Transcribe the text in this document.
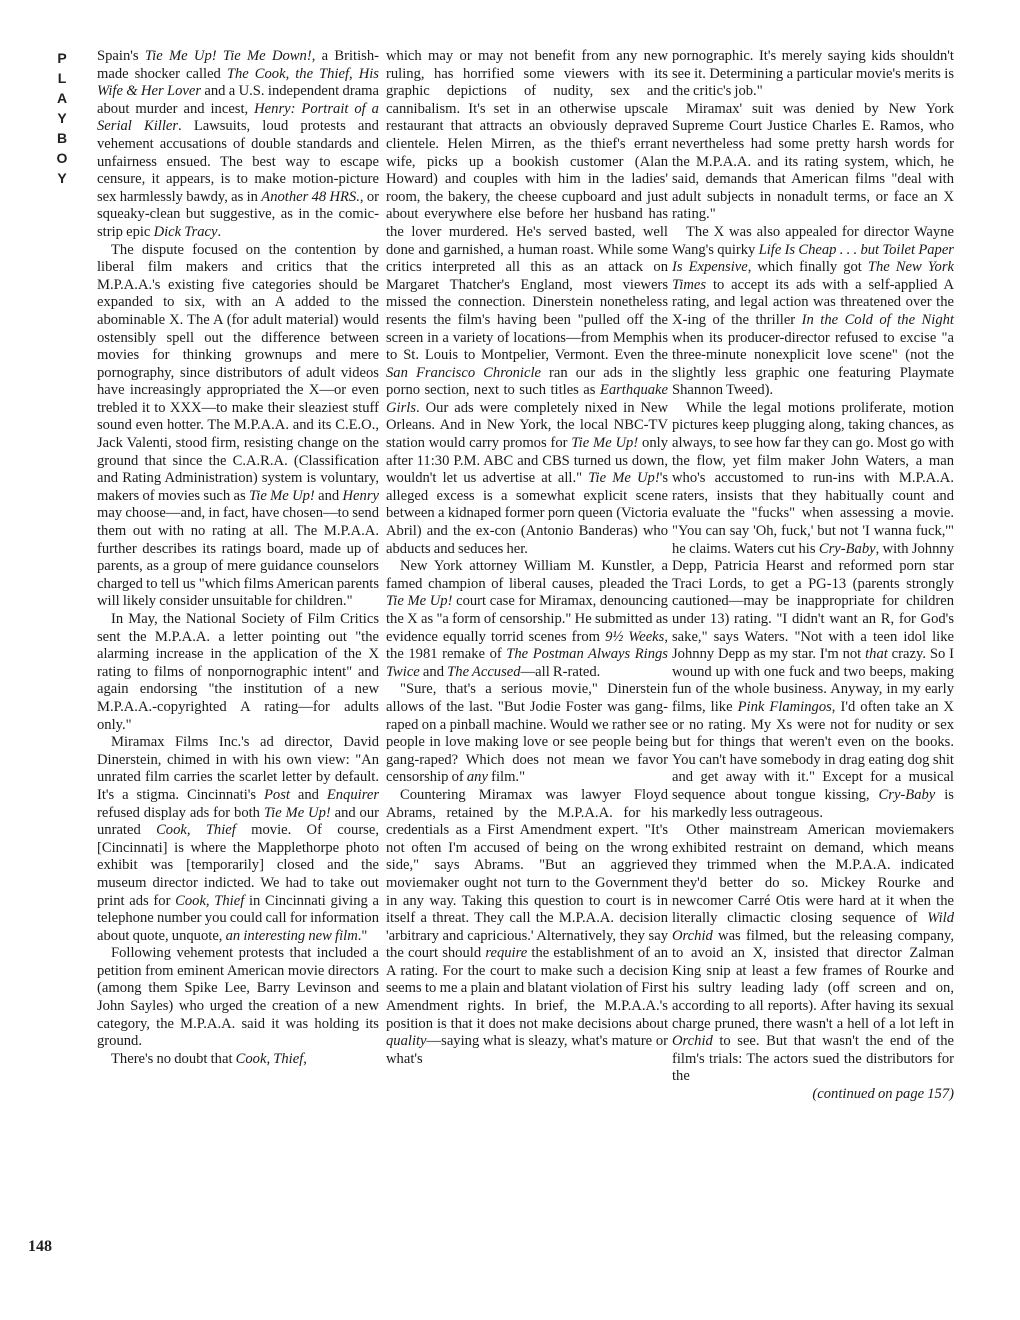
P
L
A
Y
B
O
Y
148

Spain's Tie Me Up! Tie Me Down!, a British-made shocker called The Cook, the Thief, His Wife & Her Lover and a U.S. independent drama about murder and incest, Henry: Portrait of a Serial Killer. Lawsuits, loud protests and vehement accusations of double standards and unfairness ensued. The best way to escape censure, it appears, is to make motion-picture sex harmlessly bawdy, as in Another 48 HRS., or squeaky-clean but suggestive, as in the comic-strip epic Dick Tracy.

The dispute focused on the contention by liberal film makers and critics that the M.P.A.A.'s existing five categories should be expanded to six, with an A added to the abominable X. The A (for adult material) would ostensibly spell out the difference between movies for thinking grownups and mere pornography, since distributors of adult videos have increasingly appropriated the X—or even trebled it to XXX—to make their sleaziest stuff sound even hotter. The M.P.A.A. and its C.E.O., Jack Valenti, stood firm, resisting change on the ground that since the C.A.R.A. (Classification and Rating Administration) system is voluntary, makers of movies such as Tie Me Up! and Henry may choose—and, in fact, have chosen—to send them out with no rating at all. The M.P.A.A. further describes its ratings board, made up of parents, as a group of mere guidance counselors charged to tell us "which films American parents will likely consider unsuitable for children."

In May, the National Society of Film Critics sent the M.P.A.A. a letter pointing out "the alarming increase in the application of the X rating to films of nonpornographic intent" and again endorsing "the institution of a new M.P.A.A.-copyrighted A rating—for adults only."

Miramax Films Inc.'s ad director, David Dinerstein, chimed in with his own view: "An unrated film carries the scarlet letter by default. It's a stigma. Cincinnati's Post and Enquirer refused display ads for both Tie Me Up! and our unrated Cook, Thief movie. Of course, [Cincinnati] is where the Mapplethorpe photo exhibit was [temporarily] closed and the museum director indicted. We had to take out print ads for Cook, Thief in Cincinnati giving a telephone number you could call for information about quote, unquote, an interesting new film."

Following vehement protests that included a petition from eminent American movie directors (among them Spike Lee, Barry Levinson and John Sayles) who urged the creation of a new category, the M.P.A.A. said it was holding its ground.

There's no doubt that Cook, Thief,

which may or may not benefit from any new ruling, has horrified some viewers with its graphic depictions of nudity, sex and cannibalism. It's set in an otherwise upscale restaurant that attracts an obviously depraved clientele. Helen Mirren, as the thief's errant wife, picks up a bookish customer (Alan Howard) and couples with him in the ladies' room, the bakery, the cheese cupboard and just about everywhere else before her husband has the lover murdered. He's served basted, well done and garnished, a human roast. While some critics interpreted all this as an attack on Margaret Thatcher's England, most viewers missed the connection. Dinerstein nonetheless resents the film's having been "pulled off the screen in a variety of locations—from Memphis to St. Louis to Montpelier, Vermont. Even the San Francisco Chronicle ran our ads in the porno section, next to such titles as Earthquake Girls. Our ads were completely nixed in New Orleans. And in New York, the local NBC-TV station would carry promos for Tie Me Up! only after 11:30 P.M. ABC and CBS turned us down, wouldn't let us advertise at all." Tie Me Up!'s alleged excess is a somewhat explicit scene between a kidnaped former porn queen (Victoria Abril) and the ex-con (Antonio Banderas) who abducts and seduces her.

New York attorney William M. Kunstler, a famed champion of liberal causes, pleaded the Tie Me Up! court case for Miramax, denouncing the X as "a form of censorship." He submitted as evidence equally torrid scenes from 9½ Weeks, the 1981 remake of The Postman Always Rings Twice and The Accused—all R-rated.

"Sure, that's a serious movie," Dinerstein allows of the last. "But Jodie Foster was gang-raped on a pinball machine. Would we rather see people in love making love or see people being gang-raped? Which does not mean we favor censorship of any film."

Countering Miramax was lawyer Floyd Abrams, retained by the M.P.A.A. for his credentials as a First Amendment expert. "It's not often I'm accused of being on the wrong side," says Abrams. "But an aggrieved moviemaker ought not turn to the Government in any way. Taking this question to court is in itself a threat. They call the M.P.A.A. decision 'arbitrary and capricious.' Alternatively, they say the court should require the establishment of an A rating. For the court to make such a decision seems to me a plain and blatant violation of First Amendment rights. In brief, the M.P.A.A.'s position is that it does not make decisions about quality—saying what is sleazy, what's mature or what's

pornographic. It's merely saying kids shouldn't see it. Determining a particular movie's merits is the critic's job."

Miramax' suit was denied by New York Supreme Court Justice Charles E. Ramos, who nevertheless had some pretty harsh words for the M.P.A.A. and its rating system, which, he said, demands that American films "deal with adult subjects in nonadult terms, or face an X rating."

The X was also appealed for director Wayne Wang's quirky Life Is Cheap . . . but Toilet Paper Is Expensive, which finally got The New York Times to accept its ads with a self-applied A rating, and legal action was threatened over the X-ing of the thriller In the Cold of the Night when its producer-director refused to excise "a three-minute nonexplicit love scene" (not the slightly less graphic one featuring Playmate Shannon Tweed).

While the legal motions proliferate, motion pictures keep plugging along, taking chances, as always, to see how far they can go. Most go with the flow, yet film maker John Waters, a man who's accustomed to run-ins with M.P.A.A. raters, insists that they habitually count and evaluate the "fucks" when assessing a movie. "You can say 'Oh, fuck,' but not 'I wanna fuck,'" he claims. Waters cut his Cry-Baby, with Johnny Depp, Patricia Hearst and reformed porn star Traci Lords, to get a PG-13 (parents strongly cautioned—may be inappropriate for children under 13) rating. "I didn't want an R, for God's sake," says Waters. "Not with a teen idol like Johnny Depp as my star. I'm not that crazy. So I wound up with one fuck and two beeps, making fun of the whole business. Anyway, in my early films, like Pink Flamingos, I'd often take an X or no rating. My Xs were not for nudity or sex but for things that weren't even on the books. You can't have somebody in drag eating dog shit and get away with it." Except for a musical sequence about tongue kissing, Cry-Baby is markedly less outrageous.

Other mainstream American moviemakers exhibited restraint on demand, which means they trimmed when the M.P.A.A. indicated they'd better do so. Mickey Rourke and newcomer Carré Otis were hard at it when the literally climactic closing sequence of Wild Orchid was filmed, but the releasing company, to avoid an X, insisted that director Zalman King snip at least a few frames of Rourke and his sultry leading lady (off screen and on, according to all reports). After having its sexual charge pruned, there wasn't a hell of a lot left in Orchid to see. But that wasn't the end of the film's trials: The actors sued the distributors for the

(continued on page 157)
